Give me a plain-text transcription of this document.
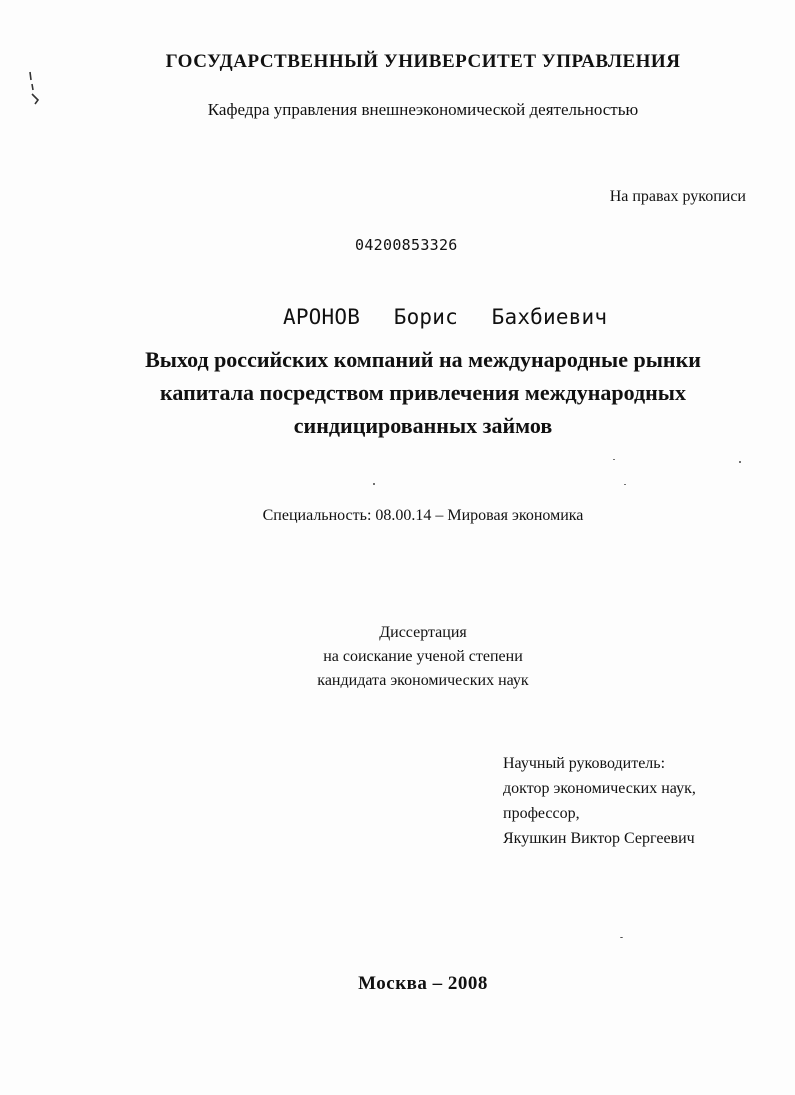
ГОСУДАРСТВЕННЫЙ УНИВЕРСИТЕТ УПРАВЛЕНИЯ
Кафедра управления внешнеэкономической деятельностью
На правах рукописи
04200853326
АРОНОВ  Борис  Бахбиевич
Выход российских компаний на международные рынки
капитала посредством привлечения международных
синдицированных займов
Специальность: 08.00.14 – Мировая экономика
Диссертация
на соискание ученой степени
кандидата экономических наук
Научный руководитель:
доктор экономических наук,
профессор,
Якушкин Виктор Сергеевич
Москва – 2008
